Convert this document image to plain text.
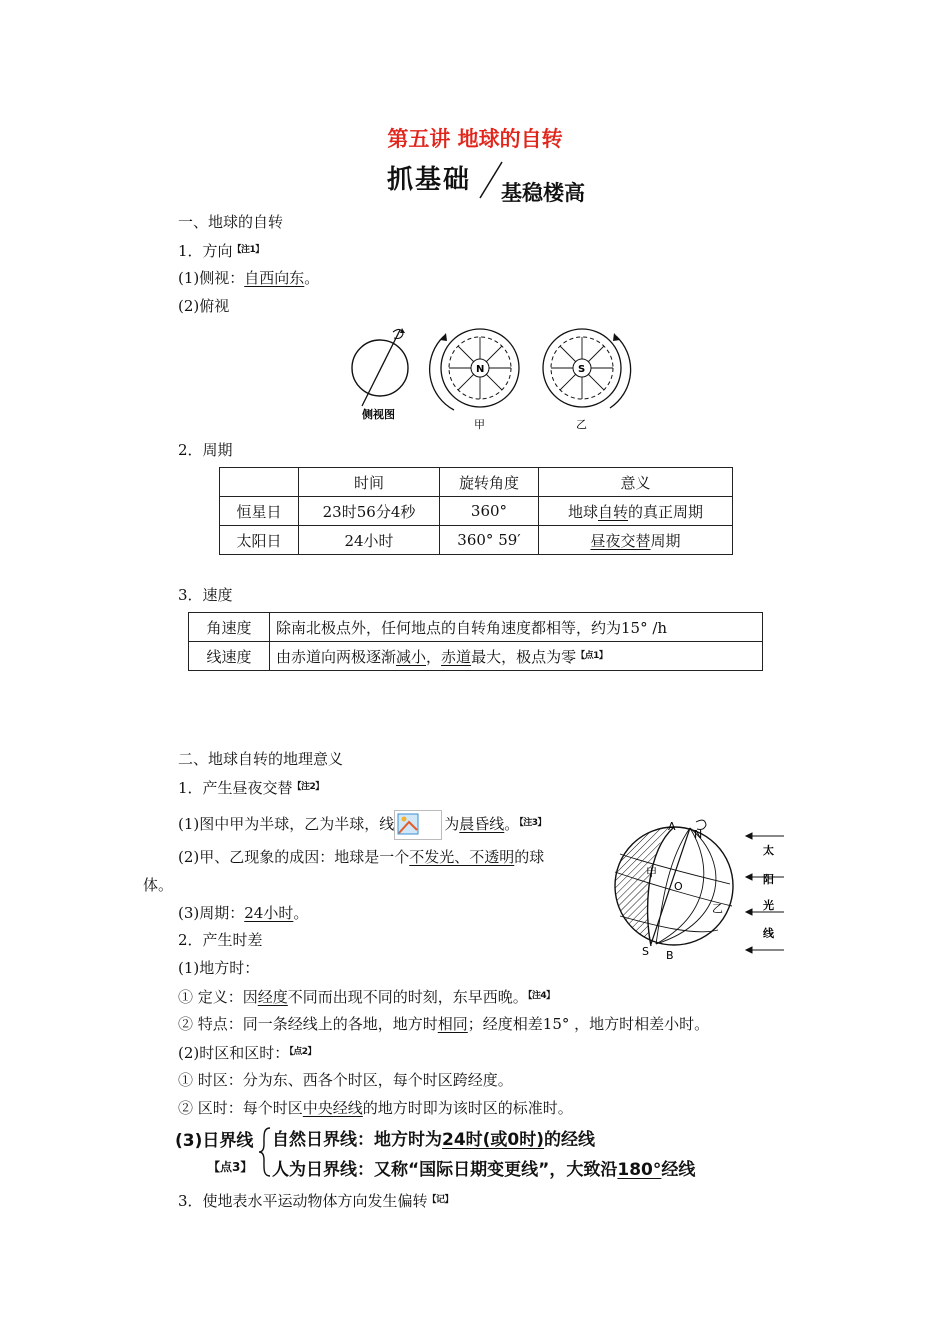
第五讲 地球的自转
抓基础 基稳楼高
一、地球的自转
1．方向$^{【注1】}$
(1)侧视：自西向东。
(2)俯视
侧视图
N
甲
S
乙
2．周期
	时间	旋转角度	意义
恒星日	23时56分4秒	360°	地球自转的真正周期
太阳日	24小时	360° 59′	昼夜交替周期
3．速度
角速度	除南北极点外，任何地点的自转角速度都相等，约为15° /h
线速度	由赤道向两极逐渐减小，赤道最大，极点为零$^{【点1】}$
二、地球自转的地理意义
1．产生昼夜交替$^{【注2】}$
(1)图中甲为半球，乙为半球，线	为晨昏线。$^{【注3】}$
(2)甲、乙现象的成因：地球是一个不发光、不透明的球
体。
(3)周期：24小时。
A
N
O
甲
乙
S B
太
阳
光
线
2．产生时差
(1)地方时：
① 定义：因经度不同而出现不同的时刻，东早西晚。$^{【注4】}$
② 特点：同一条经线上的各地，地方时相同；经度相差15° ，地方时相差小时。
(2)时区和区时：$^{【点2】}$
① 时区：分为东、西各个时区，每个时区跨经度。
② 区时：每个时区中央经线的地方时即为该时区的标准时。
(3)日界线
【点3】
自然日界线：地方时为24时(或0时)的经线
人为日界线：又称“国际日期变更线”，大致沿180°经线
3．使地表水平运动物体方向发生偏转$^{【记】}$
